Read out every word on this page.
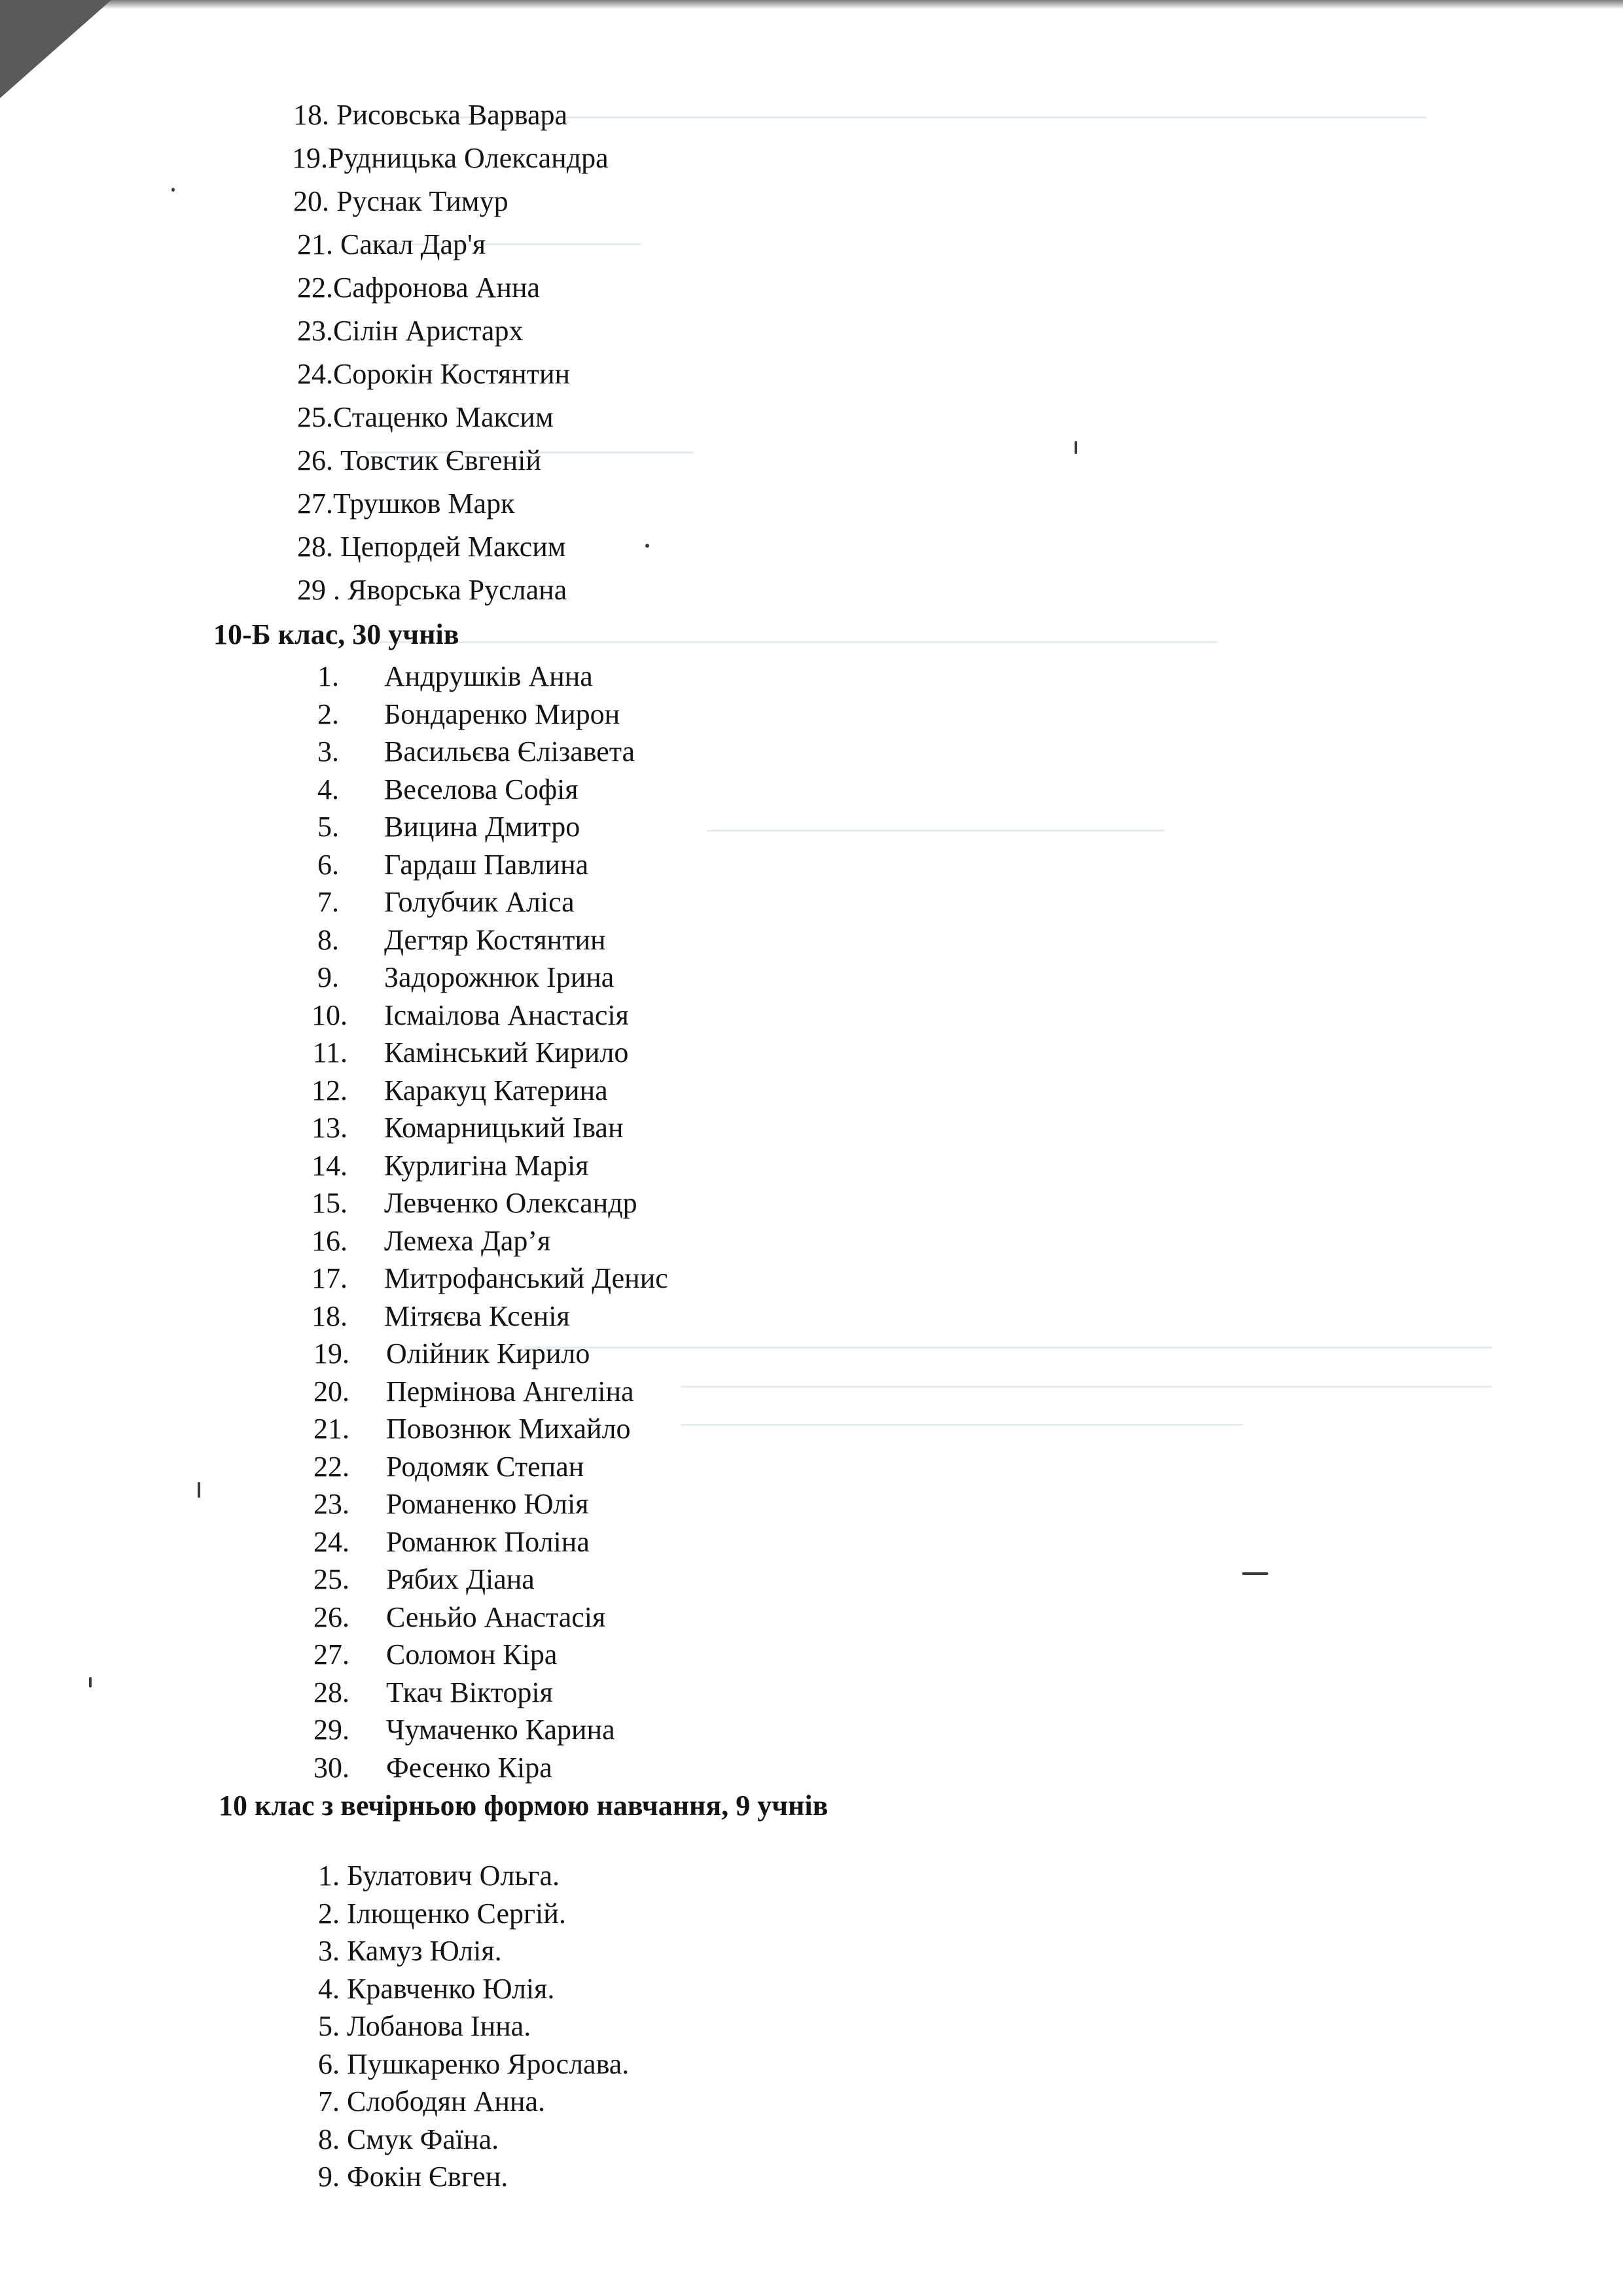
18. Рисовська Варвара
19.Рудницька Олександра
20. Руснак Тимур
21. Сакал Дар'я
22.Сафронова Анна
23.Сілін Аристарх
24.Сорокін Костянтин
25.Стаценко Максим
26. Товстик Євгеній
27.Трушков Марк
28. Цепордей Максим
29 . Яворська Руслана
10-Б клас, 30 учнів
1. Андрушків Анна
2. Бондаренко Мирон
3. Васильєва Єлізавета
4. Веселова Софія
5. Вицина Дмитро
6. Гардаш Павлина
7. Голубчик Аліса
8. Дегтяр Костянтин
9. Задорожнюк Ірина
10. Ісмаілова Анастасія
11. Камінський Кирило
12. Каракуц Катерина
13. Комарницький Іван
14. Курлигіна Марія
15. Левченко Олександр
16. Лемеха Дар’я
17. Митрофанський Денис
18. Мітяєва Ксенія
19. Олійник Кирило
20. Пермінова Ангеліна
21. Повознюк Михайло
22. Родомяк Степан
23. Романенко Юлія
24. Романюк Поліна
25. Рябих Діана
26. Сеньйо Анастасія
27. Соломон Кіра
28. Ткач Вікторія
29. Чумаченко Карина
30. Фесенко Кіра
10 клас з вечірньою формою навчання, 9 учнів
1. Булатович Ольга.
2. Ілющенко Сергій.
3. Камуз Юлія.
4. Кравченко Юлія.
5. Лобанова Інна.
6. Пушкаренко Ярослава.
7. Слободян Анна.
8. Смук Фаїна.
9. Фокін Євген.
